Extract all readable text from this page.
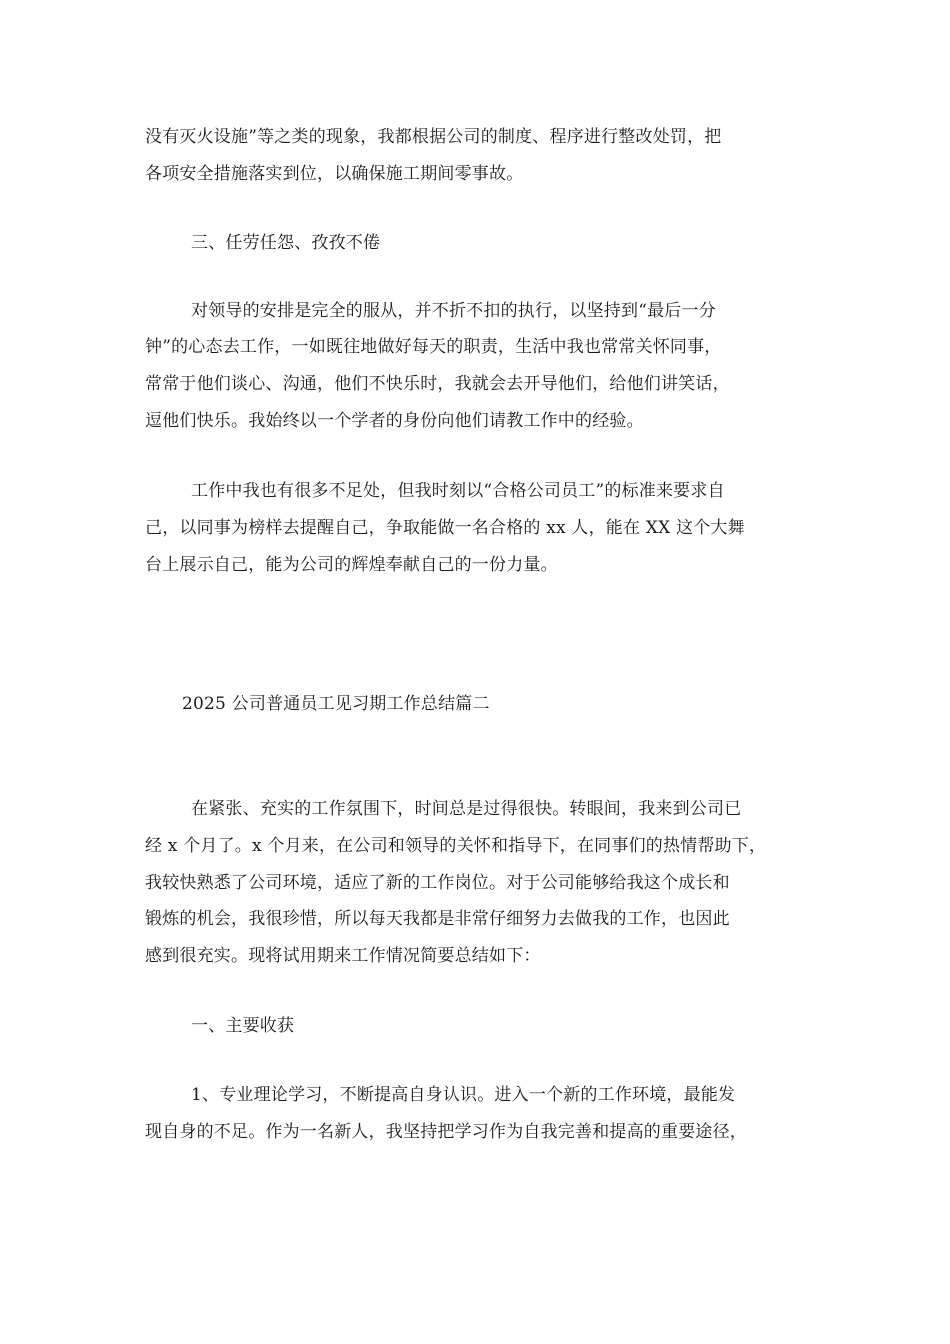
没有灭火设施”等之类的现象，我都根据公司的制度、程序进行整改处罚，把
各项安全措施落实到位，以确保施工期间零事故。
三、任劳任怨、孜孜不倦
对领导的安排是完全的服从，并不折不扣的执行，以坚持到“最后一分
钟”的心态去工作，一如既往地做好每天的职责，生活中我也常常关怀同事，
常常于他们谈心、沟通，他们不快乐时，我就会去开导他们，给他们讲笑话，
逗他们快乐。我始终以一个学者的身份向他们请教工作中的经验。
工作中我也有很多不足处，但我时刻以“合格公司员工”的标准来要求自
己，以同事为榜样去提醒自己，争取能做一名合格的 xx 人，能在 XX 这个大舞
台上展示自己，能为公司的辉煌奉献自己的一份力量。
2025 公司普通员工见习期工作总结篇二
在紧张、充实的工作氛围下，时间总是过得很快。转眼间，我来到公司已
经 x 个月了。x 个月来，在公司和领导的关怀和指导下，在同事们的热情帮助下，
我较快熟悉了公司环境，适应了新的工作岗位。对于公司能够给我这个成长和
锻炼的机会，我很珍惜，所以每天我都是非常仔细努力去做我的工作，也因此
感到很充实。现将试用期来工作情况简要总结如下：
一、主要收获
1、专业理论学习，不断提高自身认识。进入一个新的工作环境，最能发
现自身的不足。作为一名新人，我坚持把学习作为自我完善和提高的重要途径，
